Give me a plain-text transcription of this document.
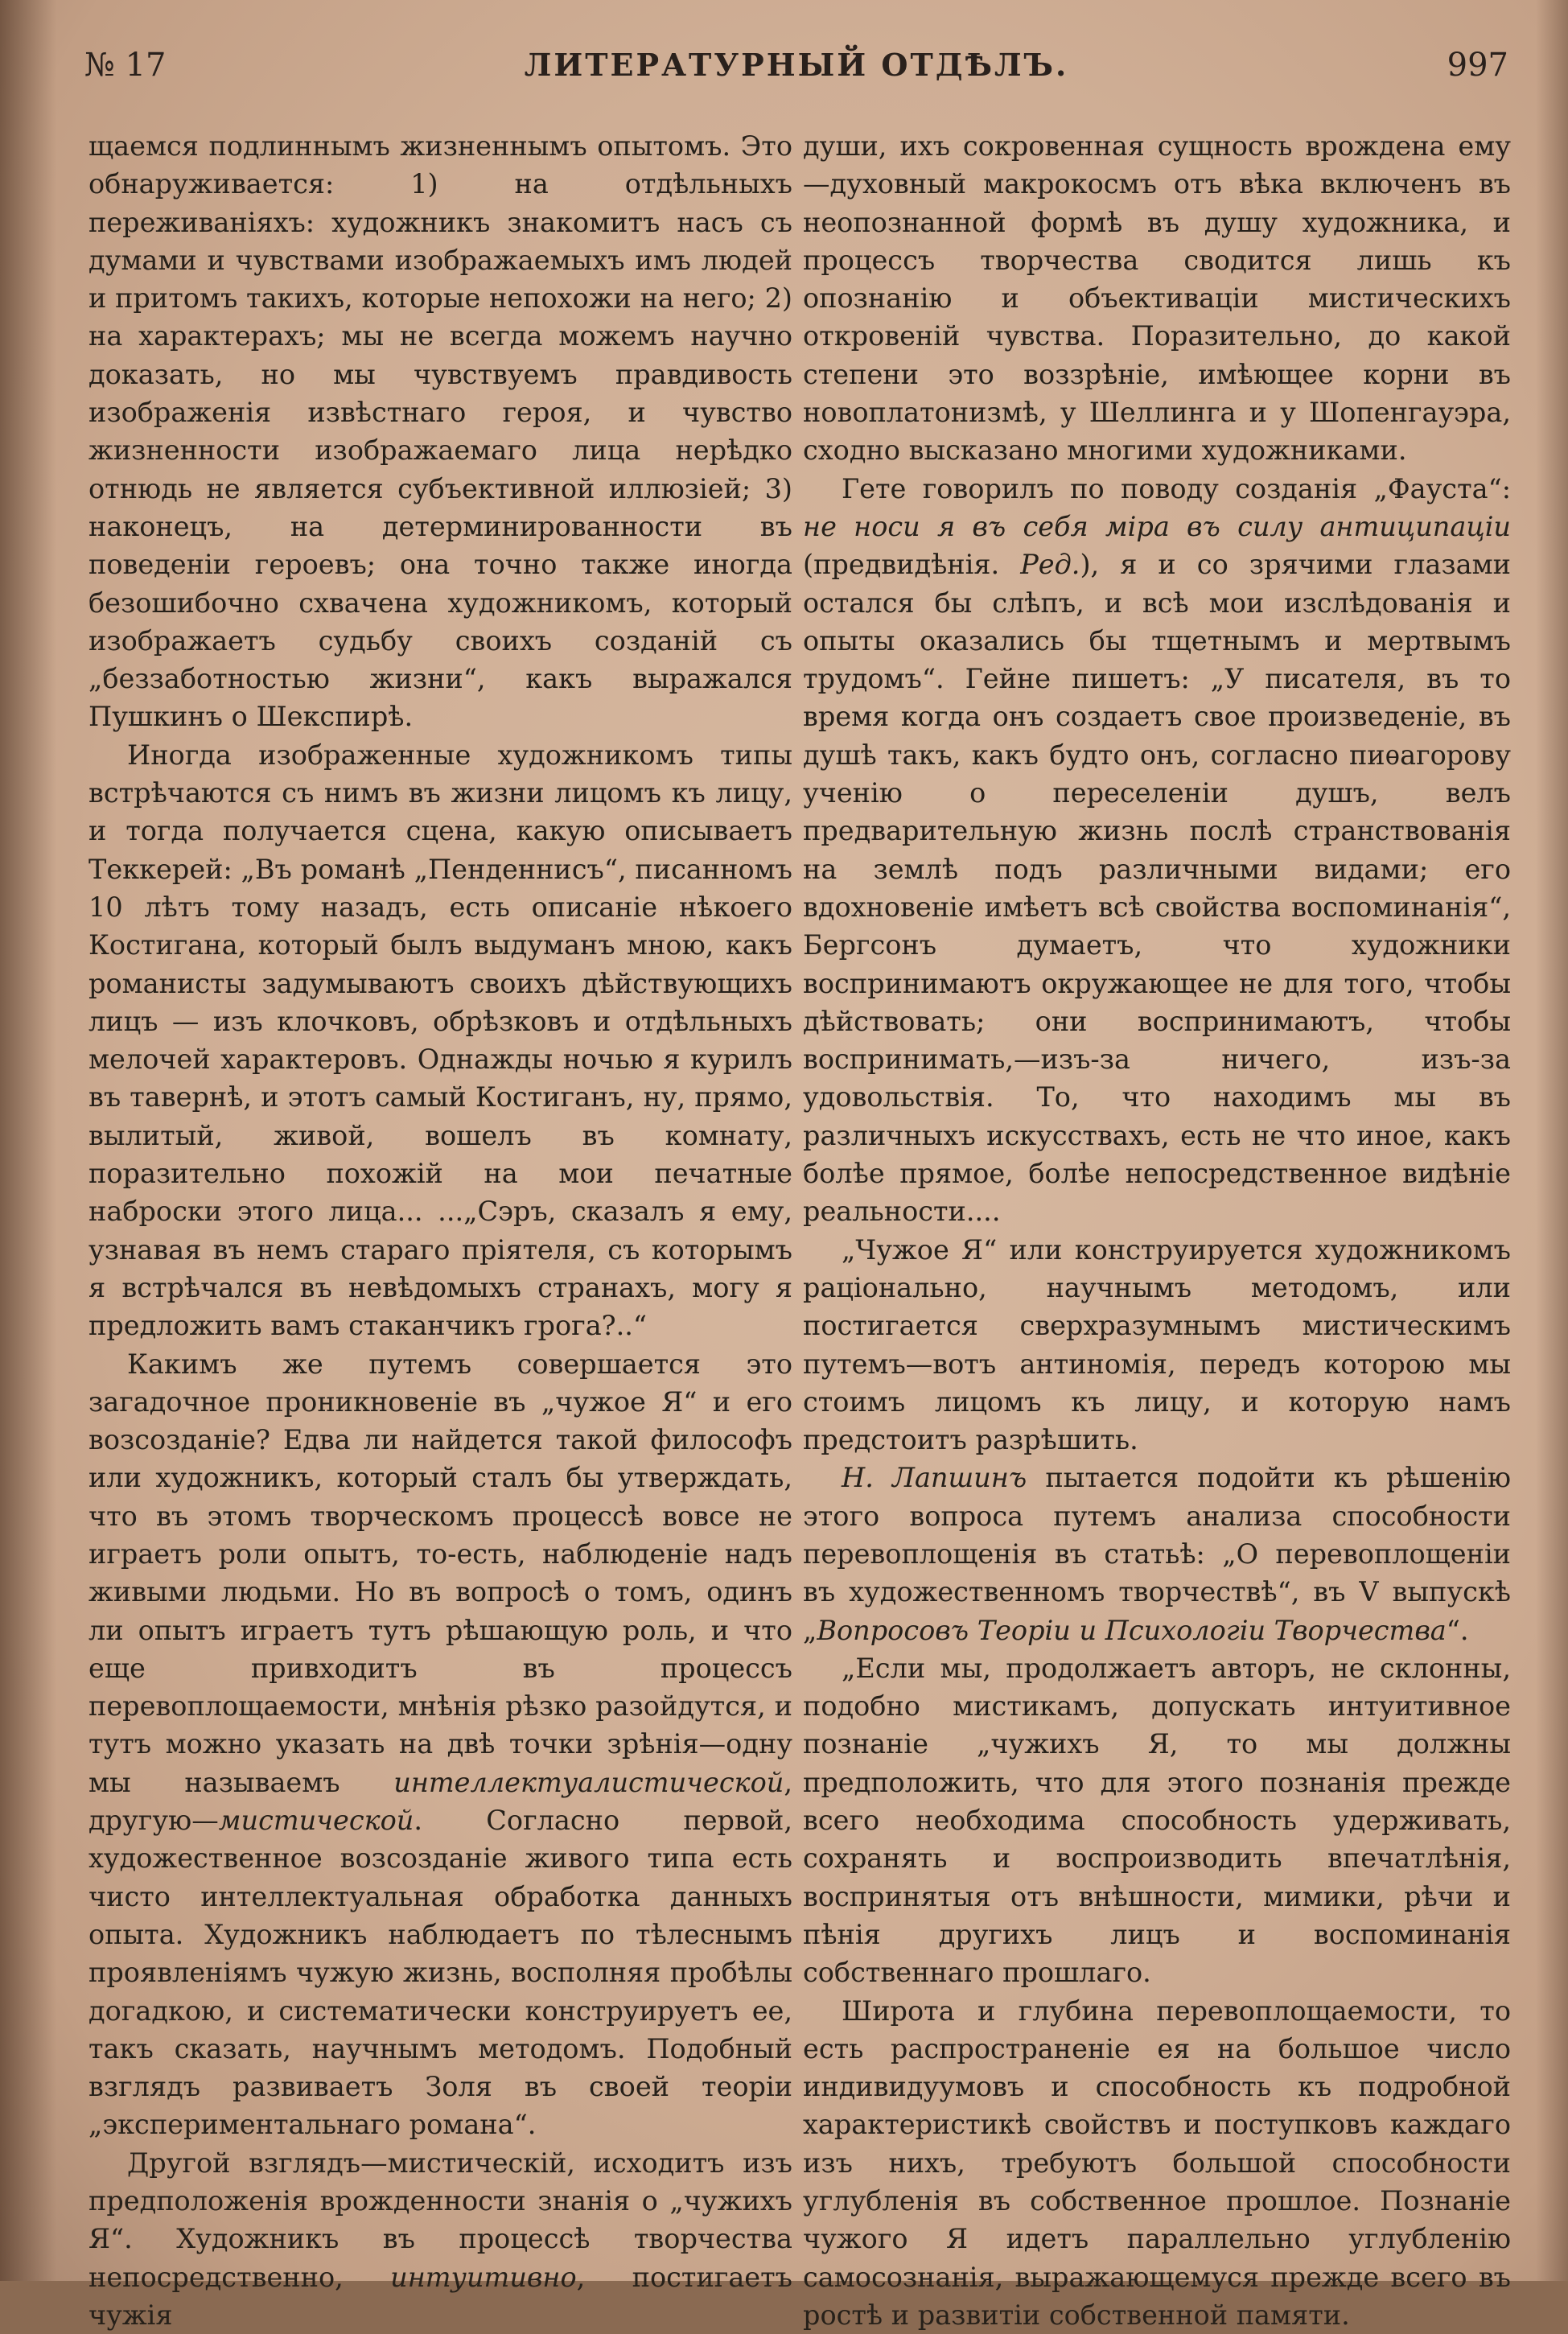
№ 17	ЛИТЕРАТУРНЫЙ ОТДѢЛЪ.	997

щаемся подлиннымъ жизненнымъ опытомъ. Это обнаруживается: 1) на отдѣльныхъ переживаніяхъ: художникъ знакомитъ насъ съ думами и чувствами изображаемыхъ имъ людей и притомъ такихъ, которые непохожи на него; 2) на характерахъ; мы не всегда можемъ научно доказать, но мы чувствуемъ правдивость изображенія извѣстнаго героя, и чувство жизненности изображаемаго лица нерѣдко отнюдь не является субъективной иллюзіей; 3) наконецъ, на детерминированности въ поведеніи героевъ; она точно также иногда безошибочно схвачена художникомъ, который изображаетъ судьбу своихъ созданій съ „беззаботностью жизни“, какъ выражался Пушкинъ о Шекспирѣ.

Иногда изображенные художникомъ типы встрѣчаются съ нимъ въ жизни лицомъ къ лицу, и тогда получается сцена, какую описываетъ Теккерей: „Въ романѣ „Пенденнисъ“, писанномъ 10 лѣтъ тому назадъ, есть описаніе нѣкоего Костигана, который былъ выдуманъ мною, какъ романисты задумываютъ своихъ дѣйствующихъ лицъ — изъ клочковъ, обрѣзковъ и отдѣльныхъ мелочей характеровъ. Однажды ночью я курилъ въ тавернѣ, и этотъ самый Костиганъ, ну, прямо, вылитый, живой, вошелъ въ комнату, поразительно похожій на мои печатные наброски этого лица... ...„Сэръ, сказалъ я ему, узнавая въ немъ стараго пріятеля, съ которымъ я встрѣчался въ невѣдомыхъ странахъ, могу я предложить вамъ стаканчикъ грога?..“

Какимъ же путемъ совершается это загадочное проникновеніе въ „чужое Я“ и его возсозданіе? Едва ли найдется такой философъ или художникъ, который сталъ бы утверждать, что въ этомъ творческомъ процессѣ вовсе не играетъ роли опытъ, то-есть, наблюденіе надъ живыми людьми. Но въ вопросѣ о томъ, одинъ ли опытъ играетъ тутъ рѣшающую роль, и что еще привходитъ въ процессъ перевоплощаемости, мнѣнія рѣзко разойдутся, и тутъ можно указать на двѣ точки зрѣнія—одну мы называемъ интеллектуалистической, другую—мистической. Согласно первой, художественное возсозданіе живого типа есть чисто интеллектуальная обработка данныхъ опыта. Художникъ наблюдаетъ по тѣлеснымъ проявленіямъ чужую жизнь, восполняя пробѣлы догадкою, и систематически конструируетъ ее, такъ сказать, научнымъ методомъ. Подобный взглядъ развиваетъ Золя въ своей теоріи „экспериментальнаго романа“.

Другой взглядъ—мистическій, исходитъ изъ предположенія врожденности знанія о „чужихъ Я“. Художникъ въ процессѣ творчества непосредственно, интуитивно, постигаетъ чужія

души, ихъ сокровенная сущность врождена ему—духовный макрокосмъ отъ вѣка включенъ въ неопознанной формѣ въ душу художника, и процессъ творчества сводится лишь къ опознанію и объективаціи мистическихъ откровеній чувства. Поразительно, до какой степени это воззрѣніе, имѣющее корни въ новоплатонизмѣ, у Шеллинга и у Шопенгауэра, сходно высказано многими художниками.

Гете говорилъ по поводу созданія „Фауста“: не носи я въ себя міра въ силу антиципаціи (предвидѣнія. Ред.), я и со зрячими глазами остался бы слѣпъ, и всѣ мои изслѣдованія и опыты оказались бы тщетнымъ и мертвымъ трудомъ“. Гейне пишетъ: „У писателя, въ то время когда онъ создаетъ свое произведеніе, въ душѣ такъ, какъ будто онъ, согласно пиѳагорову ученію о переселеніи душъ, велъ предварительную жизнь послѣ странствованія на землѣ подъ различными видами; его вдохновеніе имѣетъ всѣ свойства воспоминанія“, Бергсонъ думаетъ, что художники воспринимаютъ окружающее не для того, чтобы дѣйствовать; они воспринимаютъ, чтобы воспринимать,—изъ-за ничего, изъ-за удовольствія. То, что находимъ мы въ различныхъ искусствахъ, есть не что иное, какъ болѣе прямое, болѣе непосредственное видѣніе реальности....

„Чужое Я“ или конструируется художникомъ раціонально, научнымъ методомъ, или постигается сверхразумнымъ мистическимъ путемъ—вотъ антиномія, передъ которою мы стоимъ лицомъ къ лицу, и которую намъ предстоитъ разрѣшить.

Н. Лапшинъ пытается подойти къ рѣшенію этого вопроса путемъ анализа способности перевоплощенія въ статьѣ: „О перевоплощеніи въ художественномъ творчествѣ“, въ V выпускѣ „Вопросовъ Теоріи и Психологіи Творчества“.

„Если мы, продолжаетъ авторъ, не склонны, подобно мистикамъ, допускать интуитивное познаніе „чужихъ Я, то мы должны предположить, что для этого познанія прежде всего необходима способность удерживать, сохранять и воспроизводить впечатлѣнія, воспринятыя отъ внѣшности, мимики, рѣчи и пѣнія другихъ лицъ и воспоминанія собственнаго прошлаго.

Широта и глубина перевоплощаемости, то есть распространеніе ея на большое число индивидуумовъ и способность къ подробной характеристикѣ свойствъ и поступковъ каждаго изъ нихъ, требуютъ большой способности углубленія въ собственное прошлое. Познаніе чужого Я идетъ параллельно углубленію самосознанія, выражающемуся прежде всего въ ростѣ и развитіи собственной памяти.
